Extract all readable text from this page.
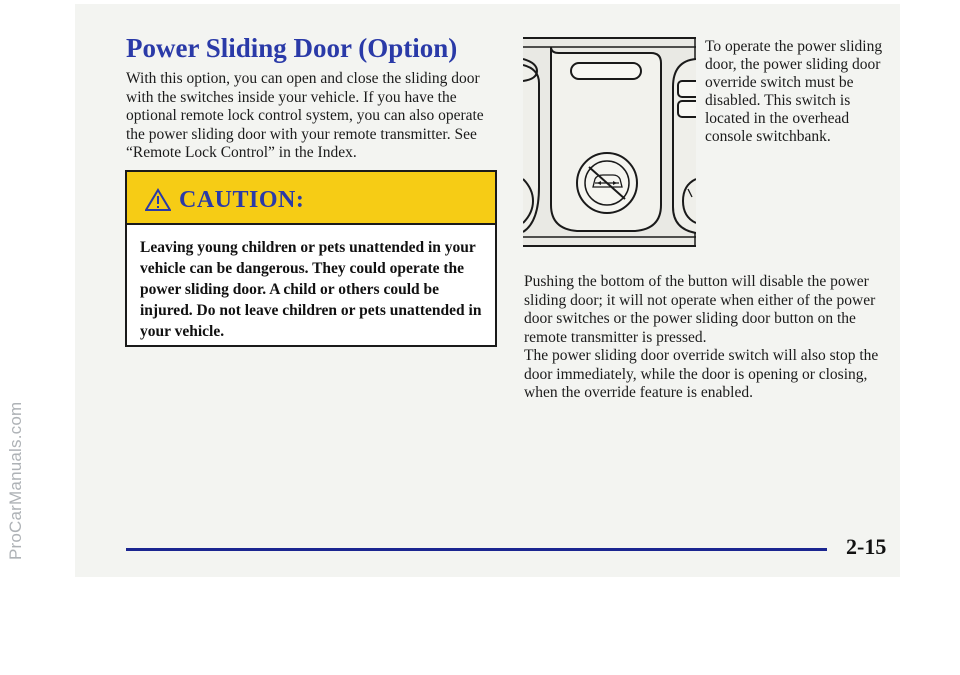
ProCarManuals.com
Power Sliding Door (Option)

With this option, you can open and close the sliding door with the switches inside your vehicle. If you have the optional remote lock control system, you can also operate the power sliding door with your remote transmitter. See “Remote Lock Control” in the Index.

CAUTION:

Leaving young children or pets unattended in your vehicle can be dangerous. They could operate the power sliding door. A child or others could be injured. Do not leave children or pets unattended in your vehicle.

To operate the power sliding door, the power sliding door override switch must be disabled. This switch is located in the overhead console switchbank.

Pushing the bottom of the button will disable the power sliding door; it will not operate when either of the power door switches or the power sliding door button on the remote transmitter is pressed.

The power sliding door override switch will also stop the door immediately, while the door is opening or closing, when the override feature is enabled.

2-15
